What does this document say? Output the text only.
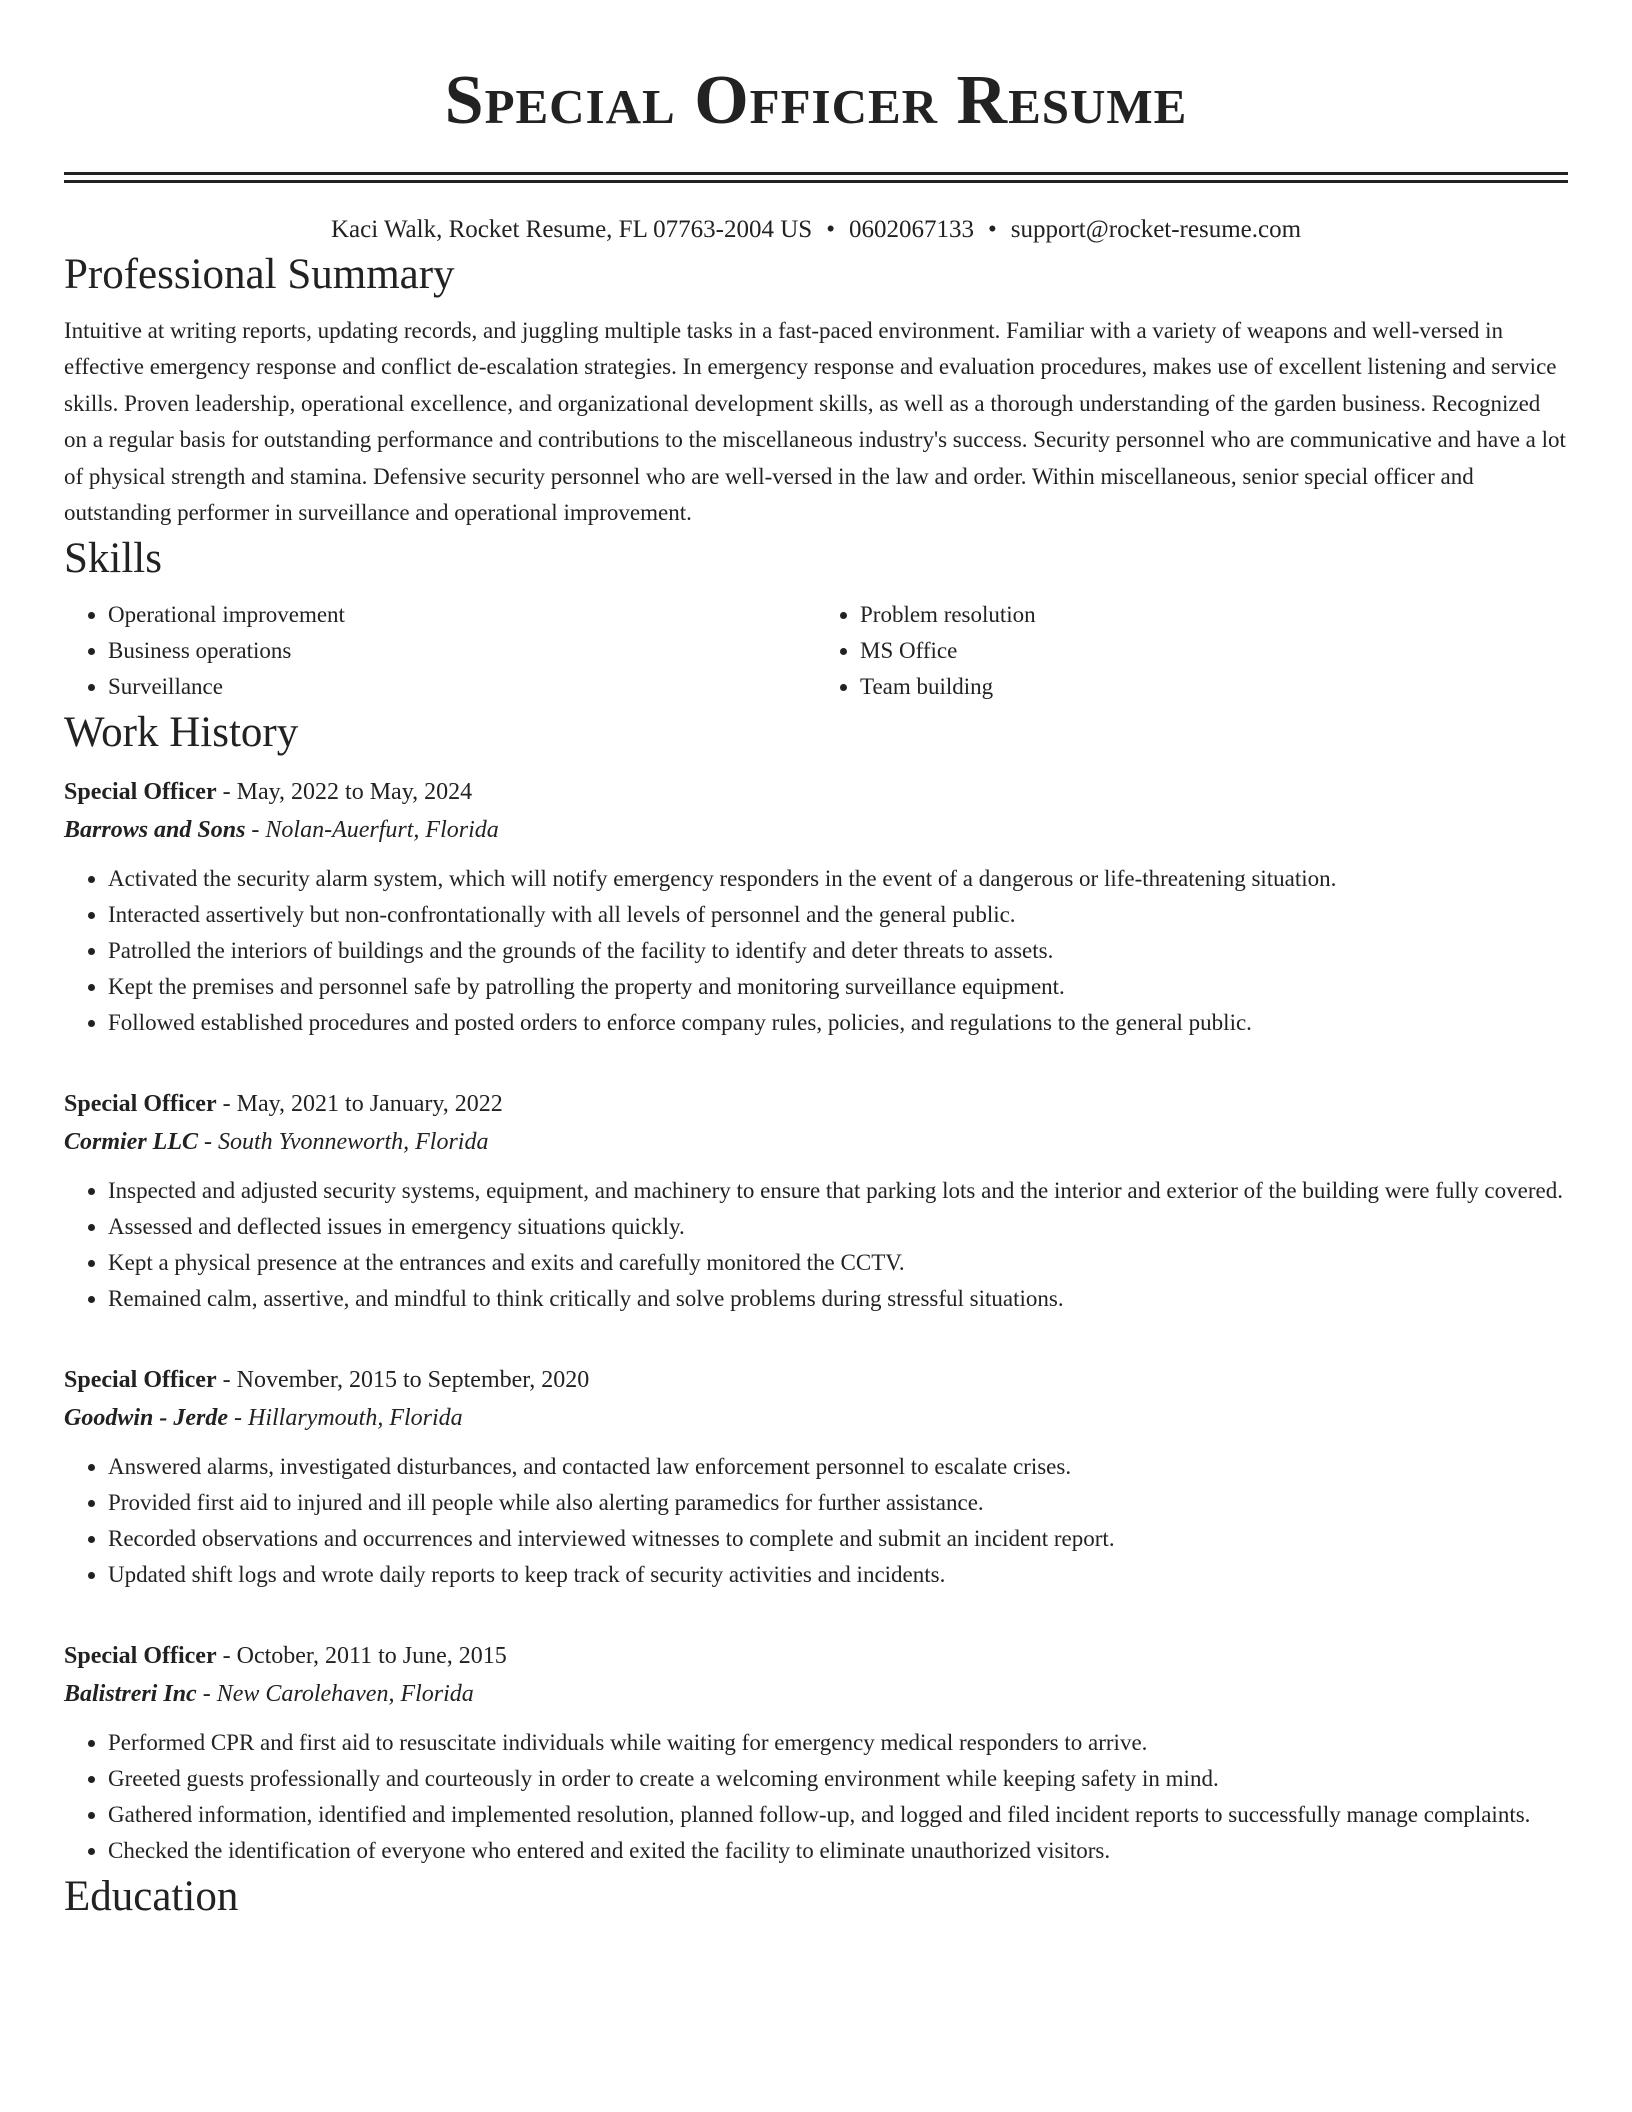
Special Officer Resume
Kaci Walk, Rocket Resume, FL 07763-2004 US • 0602067133 • support@rocket-resume.com
Professional Summary

Intuitive at writing reports, updating records, and juggling multiple tasks in a fast-paced environment. Familiar with a variety of weapons and well-versed in effective emergency response and conflict de-escalation strategies. In emergency response and evaluation procedures, makes use of excellent listening and service skills. Proven leadership, operational excellence, and organizational development skills, as well as a thorough understanding of the garden business. Recognized on a regular basis for outstanding performance and contributions to the miscellaneous industry's success. Security personnel who are communicative and have a lot of physical strength and stamina. Defensive security personnel who are well-versed in the law and order. Within miscellaneous, senior special officer and outstanding performer in surveillance and operational improvement.

Skills
• Operational improvement
• Business operations
• Surveillance
• Problem resolution
• MS Office
• Team building
Work History
Special Officer - May, 2022 to May, 2024
Barrows and Sons - Nolan-Auerfurt, Florida
• Activated the security alarm system, which will notify emergency responders in the event of a dangerous or life-threatening situation.
• Interacted assertively but non-confrontationally with all levels of personnel and the general public.
• Patrolled the interiors of buildings and the grounds of the facility to identify and deter threats to assets.
• Kept the premises and personnel safe by patrolling the property and monitoring surveillance equipment.
• Followed established procedures and posted orders to enforce company rules, policies, and regulations to the general public.
Special Officer - May, 2021 to January, 2022
Cormier LLC - South Yvonneworth, Florida
• Inspected and adjusted security systems, equipment, and machinery to ensure that parking lots and the interior and exterior of the building were fully covered.
• Assessed and deflected issues in emergency situations quickly.
• Kept a physical presence at the entrances and exits and carefully monitored the CCTV.
• Remained calm, assertive, and mindful to think critically and solve problems during stressful situations.
Special Officer - November, 2015 to September, 2020
Goodwin - Jerde - Hillarymouth, Florida
• Answered alarms, investigated disturbances, and contacted law enforcement personnel to escalate crises.
• Provided first aid to injured and ill people while also alerting paramedics for further assistance.
• Recorded observations and occurrences and interviewed witnesses to complete and submit an incident report.
• Updated shift logs and wrote daily reports to keep track of security activities and incidents.
Special Officer - October, 2011 to June, 2015
Balistreri Inc - New Carolehaven, Florida
• Performed CPR and first aid to resuscitate individuals while waiting for emergency medical responders to arrive.
• Greeted guests professionally and courteously in order to create a welcoming environment while keeping safety in mind.
• Gathered information, identified and implemented resolution, planned follow-up, and logged and filed incident reports to successfully manage complaints.
• Checked the identification of everyone who entered and exited the facility to eliminate unauthorized visitors.
Education
